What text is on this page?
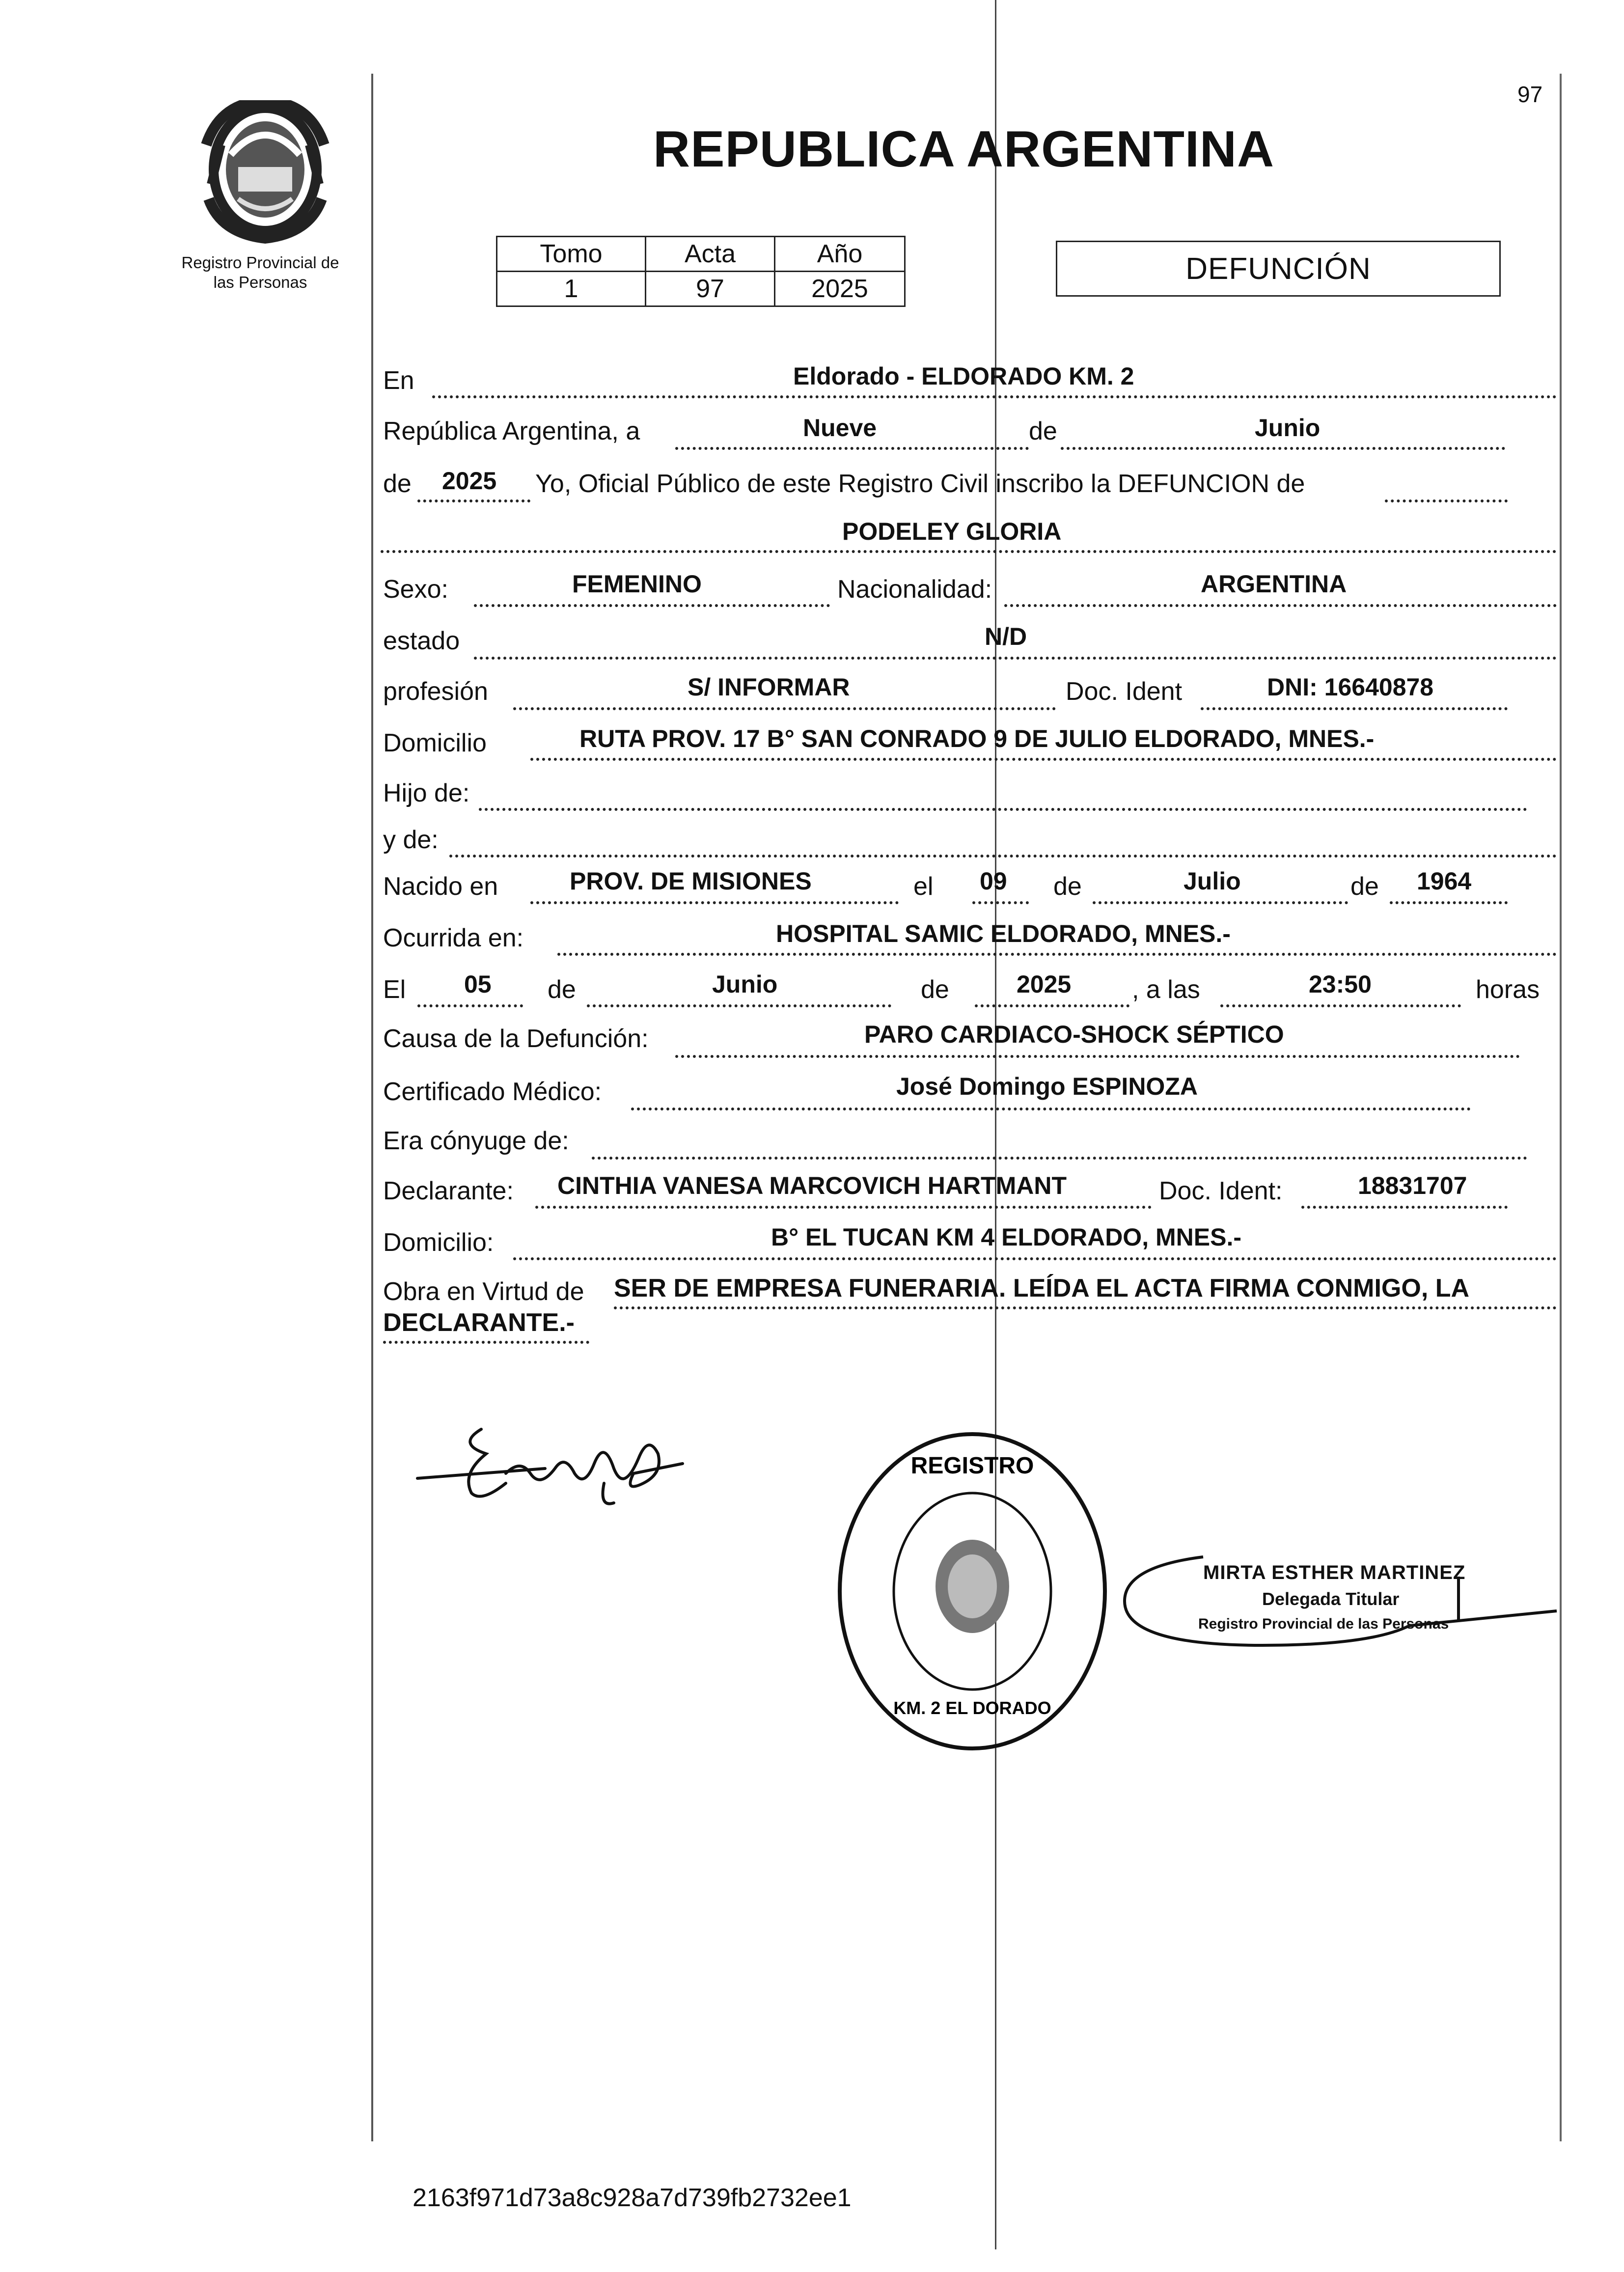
Registro Provincial de
las Personas
97
REPUBLICA ARGENTINA
Tomo	Acta	Año
1	97	2025
DEFUNCIÓN
En	Eldorado - ELDORADO KM. 2
República Argentina, a	Nueve	de	Junio
de 2025 Yo, Oficial Público de este Registro Civil inscribo la DEFUNCION de
PODELEY GLORIA
Sexo:	FEMENINO	Nacionalidad:	ARGENTINA
estado	N/D
profesión	S/ INFORMAR	Doc. Ident	DNI: 16640878
Domicilio	RUTA PROV. 17 B° SAN CONRADO 9 DE JULIO ELDORADO, MNES.-
Hijo de:
y de:
Nacido en	PROV. DE MISIONES	el 09 de	Julio	de 1964
Ocurrida en:	HOSPITAL SAMIC ELDORADO, MNES.-
El 05 de	Junio	de	2025 , a las	23:50	horas
Causa de la Defunción:	PARO CARDIACO-SHOCK SÉPTICO
Certificado Médico:	José Domingo ESPINOZA
Era cónyuge de:
Declarante: CINTHIA VANESA MARCOVICH HARTMANT	Doc. Ident:	18831707
Domicilio:	B° EL TUCAN KM 4 ELDORADO, MNES.-
Obra en Virtud de SER DE EMPRESA FUNERARIA. LEÍDA EL ACTA FIRMA CONMIGO, LA
DECLARANTE.-
REGISTRO
KM. 2 EL DORADO
MIRTA ESTHER MARTINEZ
Delegada Titular
Registro Provincial de las Personas
2163f971d73a8c928a7d739fb2732ee1
